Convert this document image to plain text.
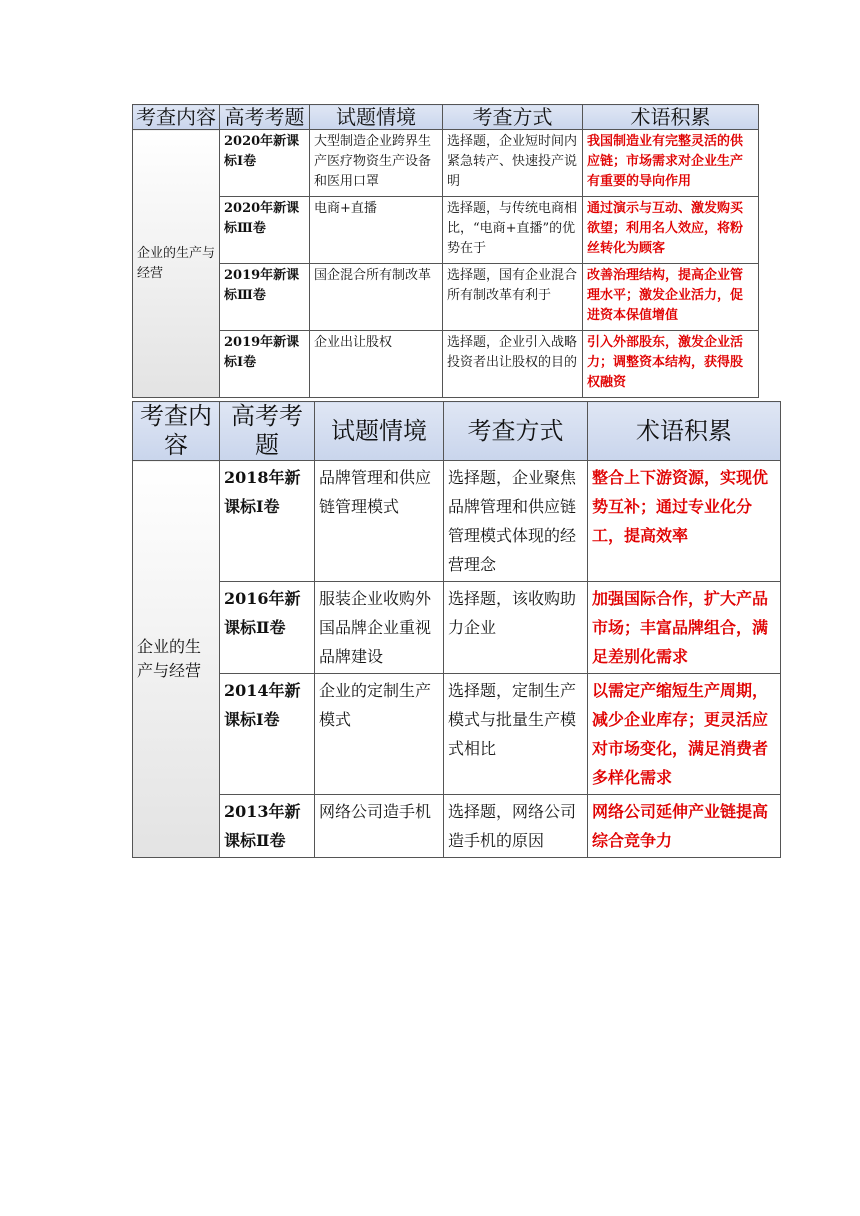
考查内容	高考考题	试题情境	考查方式	术语积累
企业的生产与经营	2020年新课标Ⅰ卷	大型制造企业跨界生产医疗物资生产设备和医用口罩	选择题，企业短时间内紧急转产、快速投产说明	我国制造业有完整灵活的供应链；市场需求对企业生产有重要的导向作用
	2020年新课标Ⅲ卷	电商+直播	选择题，与传统电商相比，“电商+直播”的优势在于	通过演示与互动、激发购买欲望；利用名人效应，将粉丝转化为顾客
	2019年新课标Ⅲ卷	国企混合所有制改革	选择题，国有企业混合所有制改革有利于	改善治理结构，提高企业管理水平；激发企业活力，促进资本保值增值
	2019年新课标Ⅰ卷	企业出让股权	选择题，企业引入战略投资者出让股权的目的	引入外部股东，激发企业活力；调整资本结构，获得股权融资
考查内容	高考考题	试题情境	考查方式	术语积累
企业的生产与经营	2018年新课标Ⅰ卷	品牌管理和供应链管理模式	选择题，企业聚焦品牌管理和供应链管理模式体现的经营理念	整合上下游资源，实现优势互补；通过专业化分工，提高效率
	2016年新课标Ⅱ卷	服装企业收购外国品牌企业重视品牌建设	选择题，该收购助力企业	加强国际合作，扩大产品市场；丰富品牌组合，满足差别化需求
	2014年新课标Ⅰ卷	企业的定制生产模式	选择题，定制生产模式与批量生产模式相比	以需定产缩短生产周期，减少企业库存；更灵活应对市场变化，满足消费者多样化需求
	2013年新课标Ⅱ卷	网络公司造手机	选择题，网络公司造手机的原因	网络公司延伸产业链提高综合竞争力
